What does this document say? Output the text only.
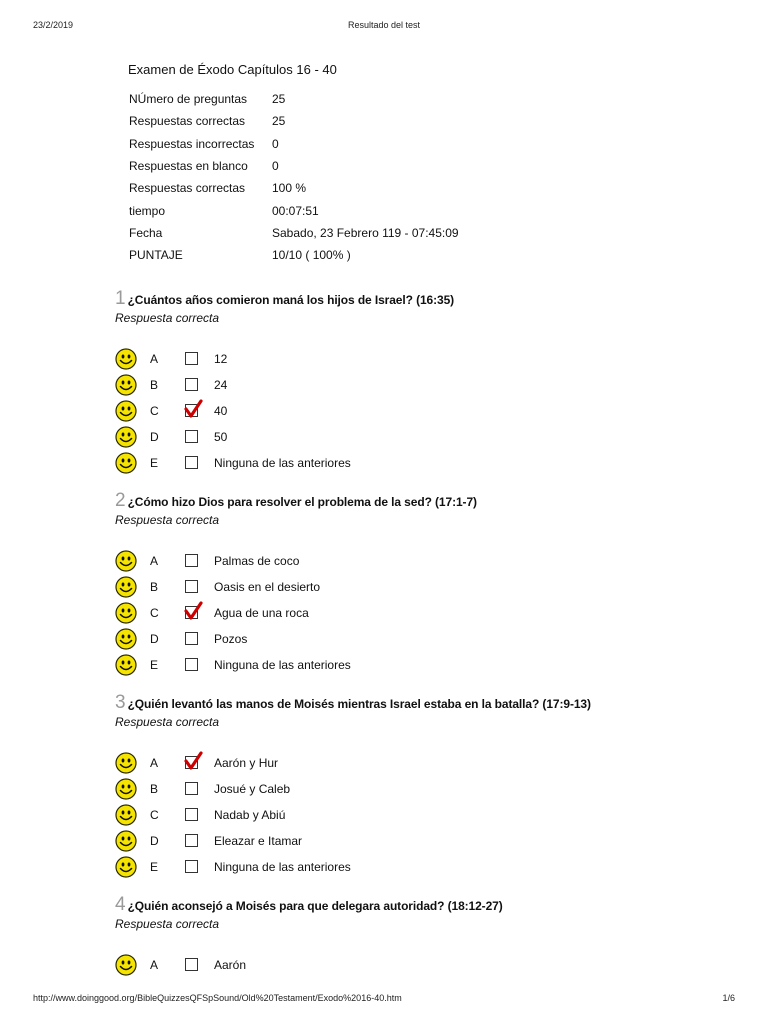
23/2/2019	Resultado del test
Examen de Éxodo Capítulos 16 - 40
NÚmero de preguntas	25
Respuestas correctas	25
Respuestas incorrectas	0
Respuestas en blanco	0
Respuestas correctas	100 %
tiempo	00:07:51
Fecha	Sabado, 23 Febrero 119 - 07:45:09
PUNTAJE	10/10 ( 100% )
1 ¿Cuántos años comieron maná los hijos de Israel? (16:35)
Respuesta correcta
A	12
B	24
C	40
D	50
E	Ninguna de las anteriores
2 ¿Cómo hizo Dios para resolver el problema de la sed? (17:1-7)
Respuesta correcta
A	Palmas de coco
B	Oasis en el desierto
C	Agua de una roca
D	Pozos
E	Ninguna de las anteriores
3 ¿Quién levantó las manos de Moisés mientras Israel estaba en la batalla? (17:9-13)
Respuesta correcta
A	Aarón y Hur
B	Josué y Caleb
C	Nadab y Abiú
D	Eleazar e Itamar
E	Ninguna de las anteriores
4 ¿Quién aconsejó a Moisés para que delegara autoridad? (18:12-27)
Respuesta correcta
A	Aarón
http://www.doinggood.org/BibleQuizzesQFSpSound/Old%20Testament/Exodo%2016-40.htm	1/6
